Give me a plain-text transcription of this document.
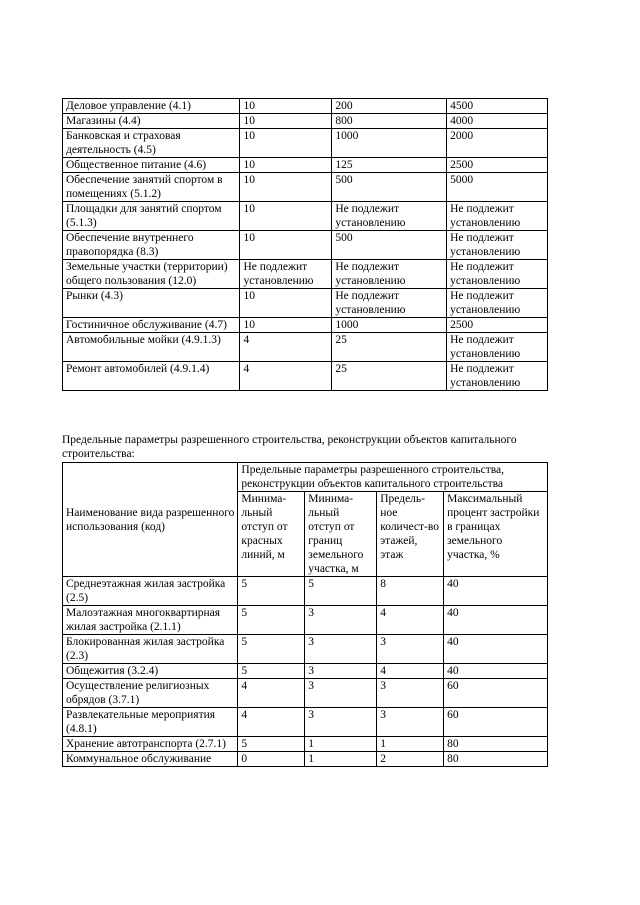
Деловое управление (4.1)	10	200	4500
Магазины (4.4)	10	800	4000
Банковская и страховая деятельность (4.5)	10	1000	2000
Общественное питание (4.6)	10	125	2500
Обеспечение занятий спортом в помещениях (5.1.2)	10	500	5000
Площадки для занятий спортом (5.1.3)	10	Не подлежит установлению	Не подлежит установлению
Обеспечение внутреннего правопорядка (8.3)	10	500	Не подлежит установлению
Земельные участки (территории) общего пользования (12.0)	Не подлежит установлению	Не подлежит установлению	Не подлежит установлению
Рынки (4.3)	10	Не подлежит установлению	Не подлежит установлению
Гостиничное обслуживание (4.7)	10	1000	2500
Автомобильные мойки (4.9.1.3)	4	25	Не подлежит установлению
Ремонт автомобилей (4.9.1.4)	4	25	Не подлежит установлению

Предельные параметры разрешенного строительства, реконструкции объектов капитального строительства:

Наименование вида разрешенного использования (код)	Предельные параметры разрешенного строительства, реконструкции объектов капитального строительства			
	Минима-льный отступ от красных линий, м	Минима-льный отступ от границ земельного участка, м	Предель-ное количест-во этажей, этаж	Максимальный процент застройки в границах земельного участка, %
Среднеэтажная жилая застройка (2.5)	5	5	8	40
Малоэтажная многоквартирная жилая застройка (2.1.1)	5	3	4	40
Блокированная жилая застройка (2.3)	5	3	3	40
Общежития (3.2.4)	5	3	4	40
Осуществление религиозных обрядов (3.7.1)	4	3	3	60
Развлекательные мероприятия (4.8.1)	4	3	3	60
Хранение автотранспорта (2.7.1)	5	1	1	80
Коммунальное обслуживание	0	1	2	80
